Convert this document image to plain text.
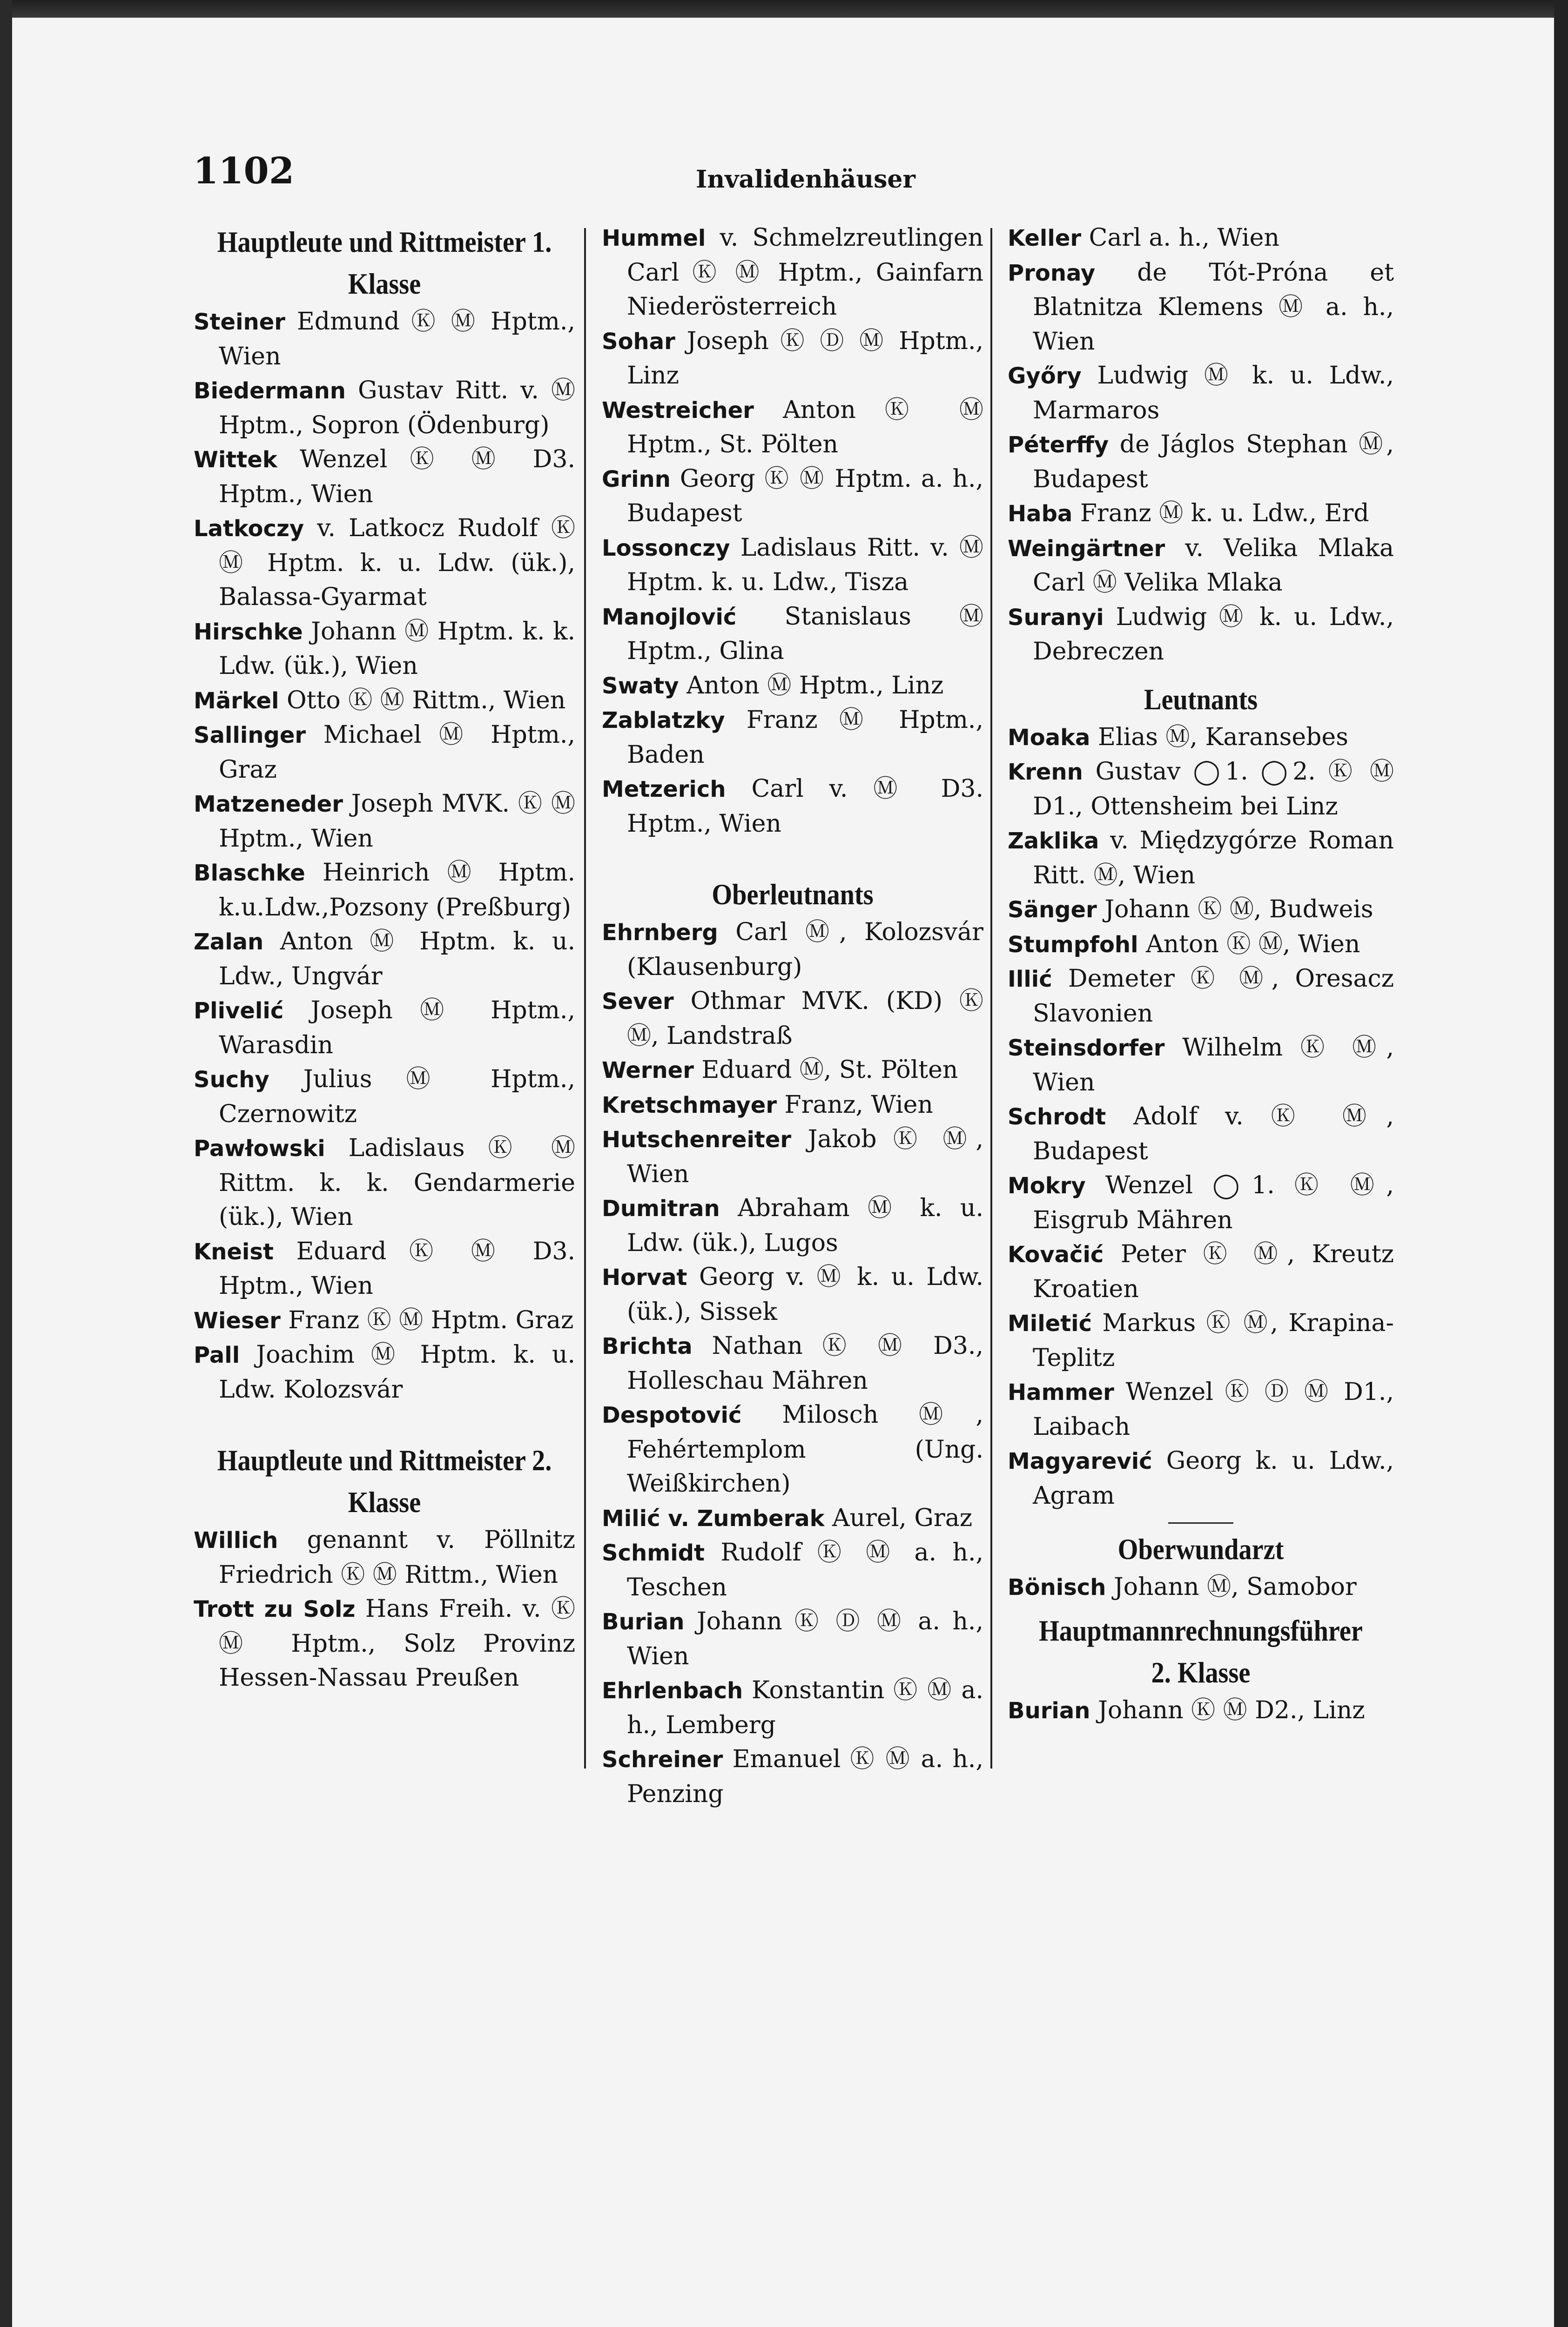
1102	Invalidenhäuser
Hauptleute und Rittmeister 1. Klasse
Steiner Edmund Ⓚ Ⓜ Hptm., Wien
Biedermann Gustav Ritt. v. Ⓜ Hptm., Sopron (Ödenburg)
Wittek Wenzel Ⓚ Ⓜ D3. Hptm., Wien
Latkoczy v. Latkocz Rudolf Ⓚ Ⓜ Hptm. k. u. Ldw. (ük.), Balassa-Gyarmat
Hirschke Johann Ⓜ Hptm. k. k. Ldw. (ük.), Wien
Märkel Otto Ⓚ Ⓜ Rittm., Wien
Sallinger Michael Ⓜ Hptm., Graz
Matzeneder Joseph MVK. Ⓚ Ⓜ Hptm., Wien
Blaschke Heinrich Ⓜ Hptm. k.u.Ldw.,Pozsony (Preßburg)
Zalan Anton Ⓜ Hptm. k. u. Ldw., Ungvár
Plivelić Joseph Ⓜ Hptm., Warasdin
Suchy Julius Ⓜ Hptm., Czernowitz
Pawłowski Ladislaus Ⓚ Ⓜ Rittm. k. k. Gendarmerie (ük.), Wien
Kneist Eduard Ⓚ Ⓜ D3. Hptm., Wien
Wieser Franz Ⓚ Ⓜ Hptm. Graz
Pall Joachim Ⓜ Hptm. k. u. Ldw. Kolozsvár
Hauptleute und Rittmeister 2. Klasse
Willich genannt v. Pöllnitz Friedrich Ⓚ Ⓜ Rittm., Wien
Trott zu Solz Hans Freih. v. Ⓚ Ⓜ Hptm., Solz Provinz Hessen-Nassau Preußen
Hummel v. Schmelzreutlingen Carl Ⓚ Ⓜ Hptm., Gainfarn Niederösterreich
Sohar Joseph Ⓚ Ⓓ Ⓜ Hptm., Linz
Westreicher Anton Ⓚ Ⓜ Hptm., St. Pölten
Grinn Georg Ⓚ Ⓜ Hptm. a. h., Budapest
Lossonczy Ladislaus Ritt. v. Ⓜ Hptm. k. u. Ldw., Tisza
Manojlović Stanislaus Ⓜ Hptm., Glina
Swaty Anton Ⓜ Hptm., Linz
Zablatzky Franz Ⓜ Hptm., Baden
Metzerich Carl v. Ⓜ D3. Hptm., Wien
Oberleutnants
Ehrnberg Carl Ⓜ, Kolozsvár (Klausenburg)
Sever Othmar MVK. (KD) Ⓚ Ⓜ, Landstraß
Werner Eduard Ⓜ, St. Pölten
Kretschmayer Franz, Wien
Hutschenreiter Jakob Ⓚ Ⓜ, Wien
Dumitran Abraham Ⓜ k. u. Ldw. (ük.), Lugos
Horvat Georg v. Ⓜ k. u. Ldw. (ük.), Sissek
Brichta Nathan Ⓚ Ⓜ D3., Holleschau Mähren
Despotović Milosch Ⓜ, Fehértemplom (Ung. Weißkirchen)
Milić v. Zumberak Aurel, Graz
Schmidt Rudolf Ⓚ Ⓜ a. h., Teschen
Burian Johann Ⓚ Ⓓ Ⓜ a. h., Wien
Ehrlenbach Konstantin Ⓚ Ⓜ a. h., Lemberg
Schreiner Emanuel Ⓚ Ⓜ a. h., Penzing
Keller Carl a. h., Wien
Pronay de Tót-Próna et Blatnitza Klemens Ⓜ a. h., Wien
Győry Ludwig Ⓜ k. u. Ldw., Marmaros
Péterffy de Jáglos Stephan Ⓜ, Budapest
Haba Franz Ⓜ k. u. Ldw., Erd
Weingärtner v. Velika Mlaka Carl Ⓜ Velika Mlaka
Suranyi Ludwig Ⓜ k. u. Ldw., Debreczen
Leutnants
Moaka Elias Ⓜ, Karansebes
Krenn Gustav ◯1. ◯2. Ⓚ Ⓜ D1., Ottensheim bei Linz
Zaklika v. Międzygórze Roman Ritt. Ⓜ, Wien
Sänger Johann Ⓚ Ⓜ, Budweis
Stumpfohl Anton Ⓚ Ⓜ, Wien
Illić Demeter Ⓚ Ⓜ, Oresacz Slavonien
Steinsdorfer Wilhelm Ⓚ Ⓜ, Wien
Schrodt Adolf v. Ⓚ Ⓜ, Budapest
Mokry Wenzel ◯1. Ⓚ Ⓜ, Eisgrub Mähren
Kovačić Peter Ⓚ Ⓜ, Kreutz Kroatien
Miletić Markus Ⓚ Ⓜ, Krapina-Teplitz
Hammer Wenzel Ⓚ Ⓓ Ⓜ D1., Laibach
Magyarević Georg k. u. Ldw., Agram
Oberwundarzt
Bönisch Johann Ⓜ, Samobor
Hauptmannrechnungsführer 2. Klasse
Burian Johann Ⓚ Ⓜ D2., Linz
